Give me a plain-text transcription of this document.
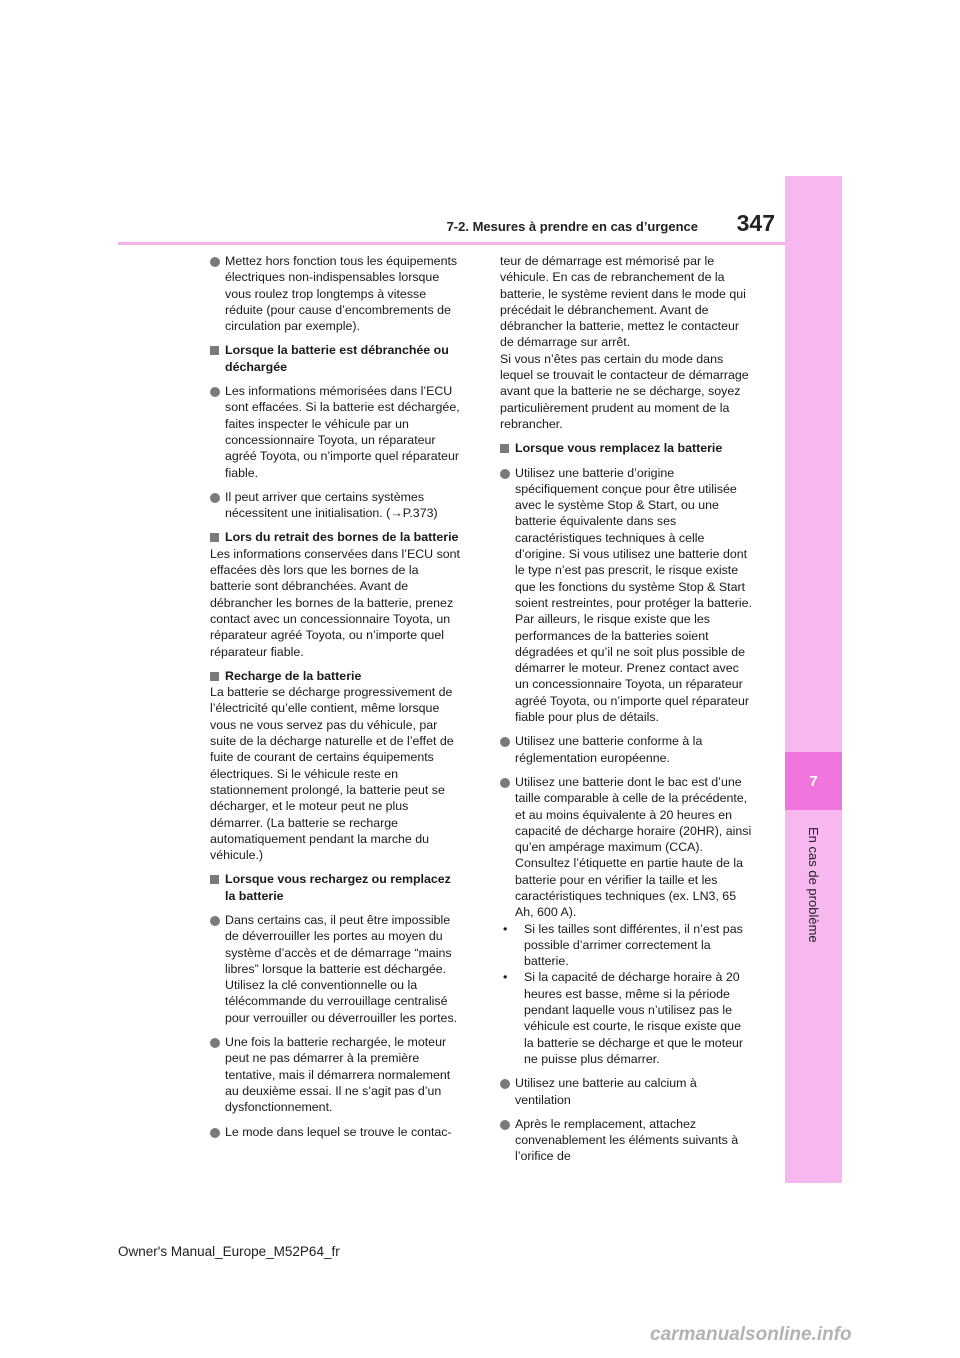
7
En cas de problème
7-2. Mesures à prendre en cas d’urgence	347
Mettez hors fonction tous les équipements électriques non-indispensables lorsque vous roulez trop longtemps à vitesse réduite (pour cause d’encombrements de circulation par exemple).
Lorsque la batterie est débranchée ou déchargée
Les informations mémorisées dans l’ECU sont effacées. Si la batterie est déchargée, faites inspecter le véhicule par un concessionnaire Toyota, un réparateur agréé Toyota, ou n’importe quel réparateur fiable.
Il peut arriver que certains systèmes nécessitent une initialisation. (→P.373)
Lors du retrait des bornes de la batterie
Les informations conservées dans l’ECU sont effacées dès lors que les bornes de la batterie sont débranchées. Avant de débrancher les bornes de la batterie, prenez contact avec un concessionnaire Toyota, un réparateur agréé Toyota, ou n’importe quel réparateur fiable.
Recharge de la batterie
La batterie se décharge progressivement de l’électricité qu’elle contient, même lorsque vous ne vous servez pas du véhicule, par suite de la décharge naturelle et de l’effet de fuite de courant de certains équipements électriques. Si le véhicule reste en stationnement prolongé, la batterie peut se décharger, et le moteur peut ne plus démarrer. (La batterie se recharge automatiquement pendant la marche du véhicule.)
Lorsque vous rechargez ou remplacez la batterie
Dans certains cas, il peut être impossible de déverrouiller les portes au moyen du système d’accès et de démarrage “mains libres” lorsque la batterie est déchargée. Utilisez la clé conventionnelle ou la télécommande du verrouillage centralisé pour verrouiller ou déverrouiller les portes.
Une fois la batterie rechargée, le moteur peut ne pas démarrer à la première tentative, mais il démarrera normalement au deuxième essai. Il ne s’agit pas d’un dysfonctionnement.
Le mode dans lequel se trouve le contac-
teur de démarrage est mémorisé par le véhicule. En cas de rebranchement de la batterie, le système revient dans le mode qui précédait le débranchement. Avant de débrancher la batterie, mettez le contacteur de démarrage sur arrêt.
Si vous n’êtes pas certain du mode dans lequel se trouvait le contacteur de démarrage avant que la batterie ne se décharge, soyez particulièrement prudent au moment de la rebrancher.
Lorsque vous remplacez la batterie
Utilisez une batterie d’origine spécifiquement conçue pour être utilisée avec le système Stop & Start, ou une batterie équivalente dans ses caractéristiques techniques à celle d’origine. Si vous utilisez une batterie dont le type n’est pas prescrit, le risque existe que les fonctions du système Stop & Start soient restreintes, pour protéger la batterie. Par ailleurs, le risque existe que les performances de la batteries soient dégradées et qu’il ne soit plus possible de démarrer le moteur. Prenez contact avec un concessionnaire Toyota, un réparateur agréé Toyota, ou n’importe quel réparateur fiable pour plus de détails.
Utilisez une batterie conforme à la réglementation européenne.
Utilisez une batterie dont le bac est d’une taille comparable à celle de la précédente, et au moins équivalente à 20 heures en capacité de décharge horaire (20HR), ainsi qu’en ampérage maximum (CCA). Consultez l’étiquette en partie haute de la batterie pour en vérifier la taille et les caractéristiques techniques (ex. LN3, 65 Ah, 600 A).
• Si les tailles sont différentes, il n’est pas possible d’arrimer correctement la batterie.
• Si la capacité de décharge horaire à 20 heures est basse, même si la période pendant laquelle vous n’utilisez pas le véhicule est courte, le risque existe que la batterie se décharge et que le moteur ne puisse plus démarrer.
Utilisez une batterie au calcium à ventilation
Après le remplacement, attachez convenablement les éléments suivants à l’orifice de
Owner's Manual_Europe_M52P64_fr
carmanualsonline.info
